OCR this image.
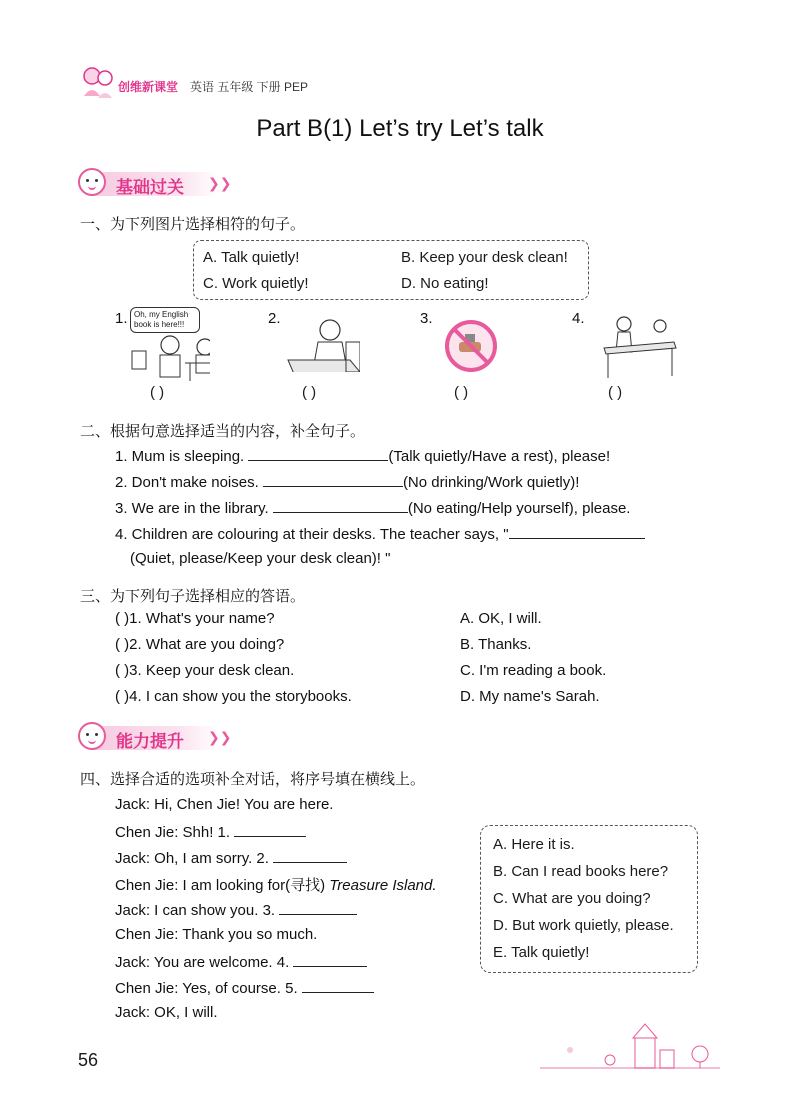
创维新课堂 英语 五年级 下册 PEP
Part B(1) Let’s try Let’s talk
基础过关 ❯❯
一、为下列图片选择相符的句子。
A. Talk quietly!	B. Keep your desk clean!
C. Work quietly!	D. No eating!
1. Oh, my English
book is here!!!
( )
2.
( )
3.
( )
4.
( )
二、根据句意选择适当的内容，补全句子。
1. Mum is sleeping.	(Talk quietly/Have a rest), please!
2. Don't make noises.	(No drinking/Work quietly)!
3. We are in the library.	(No eating/Help yourself), please.
4. Children are colouring at their desks. The teacher says, "
(Quiet, please/Keep your desk clean)! "
三、为下列句子选择相应的答语。
( )1. What's your name?
( )2. What are you doing?
( )3. Keep your desk clean.
( )4. I can show you the storybooks.
A. OK, I will.
B. Thanks.
C. I'm reading a book.
D. My name's Sarah.
能力提升 ❯❯
四、选择合适的选项补全对话，将序号填在横线上。
Jack: Hi, Chen Jie! You are here.
Chen Jie: Shh! 1.
Jack: Oh, I am sorry. 2.
Chen Jie: I am looking for(寻找) Treasure Island.
Jack: I can show you. 3.
Chen Jie: Thank you so much.
Jack: You are welcome. 4.
Chen Jie: Yes, of course. 5.
Jack: OK, I will.
A. Here it is.
B. Can I read books here?
C. What are you doing?
D. But work quietly, please.
E. Talk quietly!
56
